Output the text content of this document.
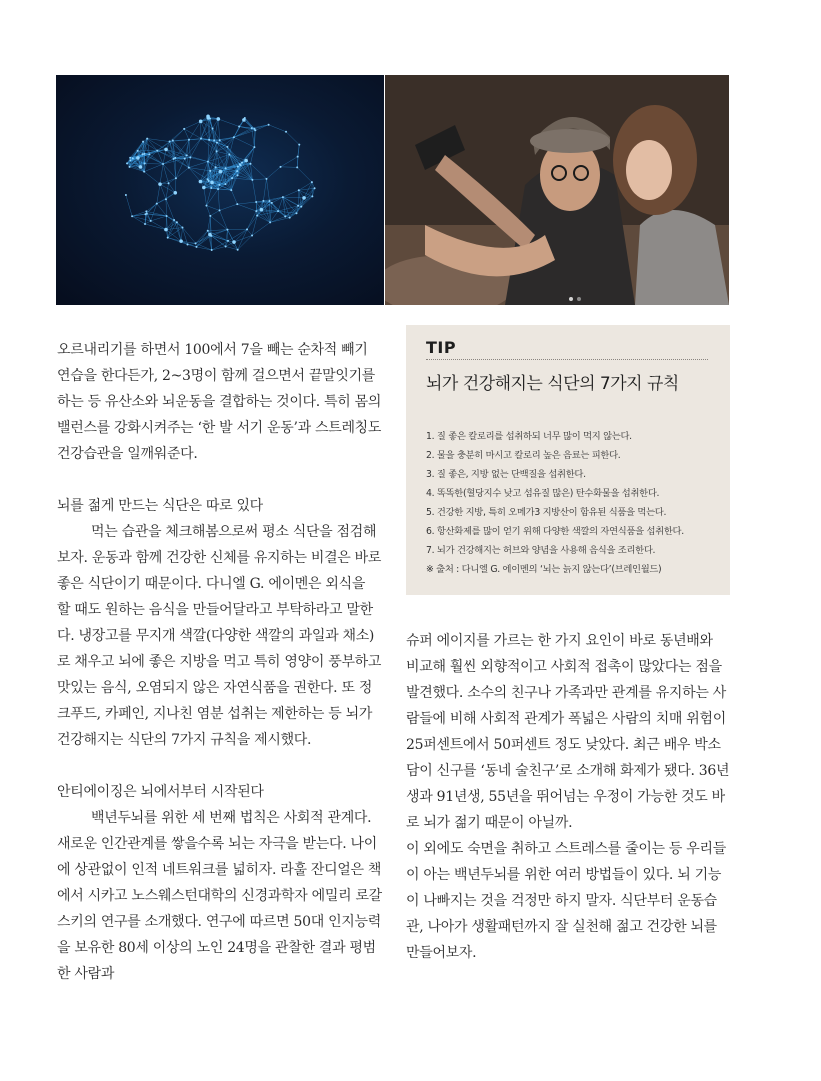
오르내리기를 하면서 100에서 7을 빼는 순차적 빼기 연습을 한다든가, 2~3명이 함께 걸으면서 끝말잇기를 하는 등 유산소와 뇌운동을 결합하는 것이다. 특히 몸의 밸런스를 강화시켜주는 ‘한 발 서기 운동’과 스트레칭도 건강습관을 일깨워준다.

뇌를 젊게 만드는 식단은 따로 있다

먹는 습관을 체크해봄으로써 평소 식단을 점검해보자. 운동과 함께 건강한 신체를 유지하는 비결은 바로 좋은 식단이기 때문이다. 다니엘 G. 에이멘은 외식을 할 때도 원하는 음식을 만들어달라고 부탁하라고 말한다. 냉장고를 무지개 색깔(다양한 색깔의 과일과 채소)로 채우고 뇌에 좋은 지방을 먹고 특히 영양이 풍부하고 맛있는 음식, 오염되지 않은 자연식품을 권한다. 또 정크푸드, 카페인, 지나친 염분 섭취는 제한하는 등 뇌가 건강해지는 식단의 7가지 규칙을 제시했다.

안티에이징은 뇌에서부터 시작된다

백년두뇌를 위한 세 번째 법칙은 사회적 관계다. 새로운 인간관계를 쌓을수록 뇌는 자극을 받는다. 나이에 상관없이 인적 네트워크를 넓히자. 라훌 잔디얼은 책에서 시카고 노스웨스턴대학의 신경과학자 에밀리 로갈스키의 연구를 소개했다. 연구에 따르면 50대 인지능력을 보유한 80세 이상의 노인 24명을 관찰한 결과 평범한 사람과

TIP
뇌가 건강해지는 식단의 7가지 규칙
1. 질 좋은 칼로리를 섭취하되 너무 많이 먹지 않는다.
2. 물을 충분히 마시고 칼로리 높은 음료는 피한다.
3. 질 좋은, 지방 없는 단백질을 섭취한다.
4. 똑똑한(혈당지수 낮고 섬유질 많은) 탄수화물을 섭취한다.
5. 건강한 지방, 특히 오메가3 지방산이 함유된 식품을 먹는다.
6. 항산화제를 많이 얻기 위해 다양한 색깔의 자연식품을 섭취한다.
7. 뇌가 건강해지는 허브와 양념을 사용해 음식을 조리한다.
※ 출처 : 다니엘 G. 에이멘의 ‘뇌는 늙지 않는다’(브레인월드)

슈퍼 에이지를 가르는 한 가지 요인이 바로 동년배와 비교해 훨씬 외향적이고 사회적 접촉이 많았다는 점을 발견했다. 소수의 친구나 가족과만 관계를 유지하는 사람들에 비해 사회적 관계가 폭넓은 사람의 치매 위험이 25퍼센트에서 50퍼센트 정도 낮았다. 최근 배우 박소담이 신구를 ‘동네 술친구’로 소개해 화제가 됐다. 36년생과 91년생, 55년을 뛰어넘는 우정이 가능한 것도 바로 뇌가 젊기 때문이 아닐까.

이 외에도 숙면을 취하고 스트레스를 줄이는 등 우리들이 아는 백년두뇌를 위한 여러 방법들이 있다. 뇌 기능이 나빠지는 것을 걱정만 하지 말자. 식단부터 운동습관, 나아가 생활패턴까지 잘 실천해 젊고 건강한 뇌를 만들어보자.
